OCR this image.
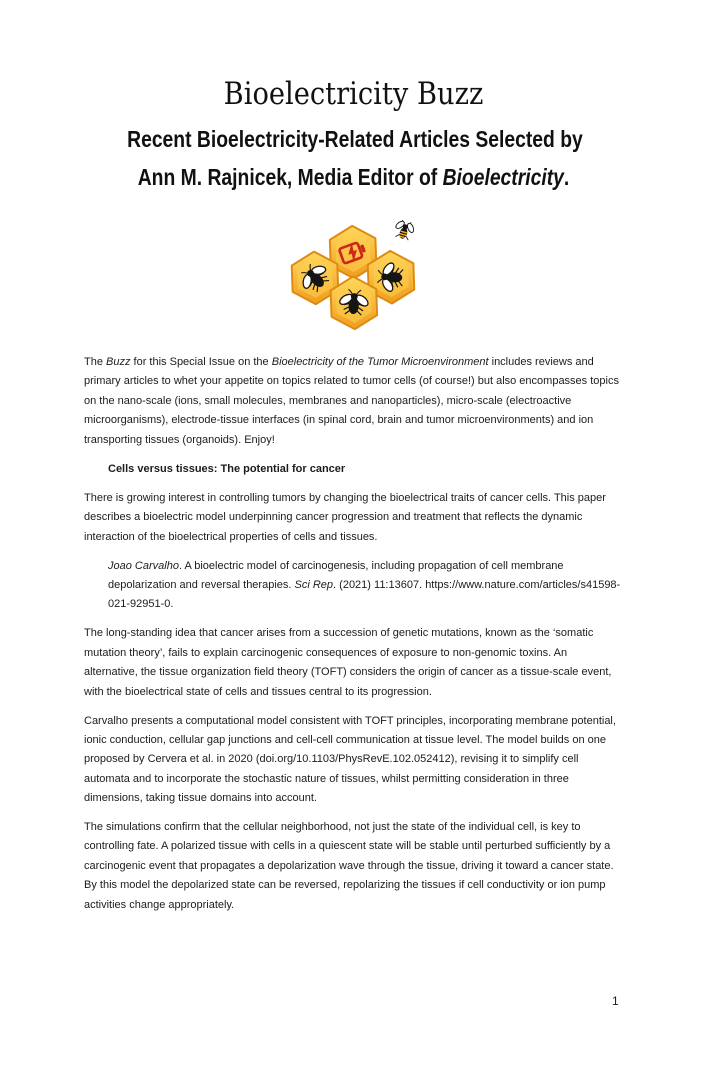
Bioelectricity Buzz
Recent Bioelectricity-Related Articles Selected by
Ann M. Rajnicek, Media Editor of Bioelectricity.

The Buzz for this Special Issue on the Bioelectricity of the Tumor Microenvironment includes reviews and primary articles to whet your appetite on topics related to tumor cells (of course!) but also encompasses topics on the nano-scale (ions, small molecules, membranes and nanoparticles), micro-scale (electroactive microorganisms), electrode-tissue interfaces (in spinal cord, brain and tumor microenvironments) and ion transporting tissues (organoids). Enjoy!

Cells versus tissues: The potential for cancer

There is growing interest in controlling tumors by changing the bioelectrical traits of cancer cells. This paper describes a bioelectric model underpinning cancer progression and treatment that reflects the dynamic interaction of the bioelectrical properties of cells and tissues.

Joao Carvalho. A bioelectric model of carcinogenesis, including propagation of cell membrane depolarization and reversal therapies. Sci Rep. (2021) 11:13607. https://www.nature.com/articles/s41598-021-92951-0.

The long-standing idea that cancer arises from a succession of genetic mutations, known as the ‘somatic mutation theory’, fails to explain carcinogenic consequences of exposure to non-genomic toxins. An alternative, the tissue organization field theory (TOFT) considers the origin of cancer as a tissue-scale event, with the bioelectrical state of cells and tissues central to its progression.

Carvalho presents a computational model consistent with TOFT principles, incorporating membrane potential, ionic conduction, cellular gap junctions and cell-cell communication at tissue level. The model builds on one proposed by Cervera et al. in 2020 (doi.org/10.1103/PhysRevE.102.052412), revising it to simplify cell automata and to incorporate the stochastic nature of tissues, whilst permitting consideration in three dimensions, taking tissue domains into account.

The simulations confirm that the cellular neighborhood, not just the state of the individual cell, is key to controlling fate. A polarized tissue with cells in a quiescent state will be stable until perturbed sufficiently by a carcinogenic event that propagates a depolarization wave through the tissue, driving it toward a cancer state. By this model the depolarized state can be reversed, repolarizing the tissues if cell conductivity or ion pump activities change appropriately.

1
